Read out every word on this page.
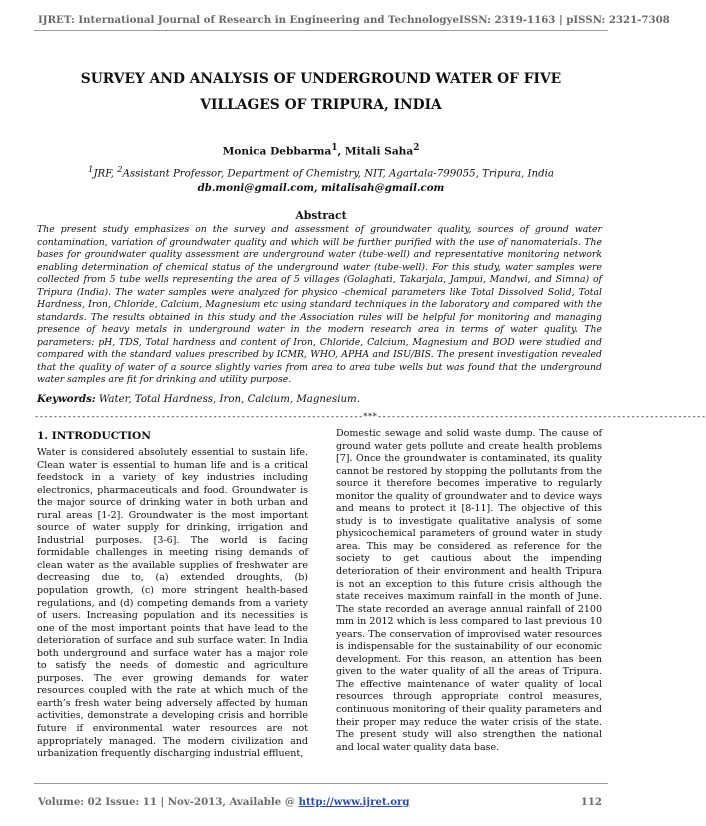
IJRET: International Journal of Research in Engineering and Technology eISSN: 2319-1163 | pISSN: 2321-7308
SURVEY AND ANALYSIS OF UNDERGROUND WATER OF FIVE
VILLAGES OF TRIPURA, INDIA
Monica Debbarma$^1$, Mitali Saha$^2$
$^1$JRF, $^2$Assistant Professor, Department of Chemistry, NIT, Agartala-799055, Tripura, India
db.moni@gmail.com, mitalisah@gmail.com
Abstract

The present study emphasizes on the survey and assessment of groundwater quality, sources of ground water contamination, variation of groundwater quality and which will be further purified with the use of nanomaterials. The bases for groundwater quality assessment are underground water (tube-well) and representative monitoring network enabling determination of chemical status of the underground water (tube-well). For this study, water samples were collected from 5 tube wells representing the area of 5 villages (Golaghati, Takarjala, Jampui, Mandwi, and Simna) of Tripura (India). The water samples were analyzed for physico -chemical parameters like Total Dissolved Solid, Total Hardness, Iron, Chloride, Calcium, Magnesium etc using standard techniques in the laboratory and compared with the standards. The results obtained in this study and the Association rules will be helpful for monitoring and managing presence of heavy metals in underground water in the modern research area in terms of water quality. The parameters: pH, TDS, Total hardness and content of Iron, Chloride, Calcium, Magnesium and BOD were studied and compared with the standard values prescribed by ICMR, WHO, APHA and ISU/BIS. The present investigation revealed that the quality of water of a source slightly varies from area to area tube wells but was found that the underground water samples are fit for drinking and utility purpose.

Keywords: Water, Total Hardness, Iron, Calcium, Magnesium.
----------------------------------------------------------------------***----------------------------------------------------------------------
1. INTRODUCTION

Water is considered absolutely essential to sustain life. Clean water is essential to human life and is a critical feedstock in a variety of key industries including electronics, pharmaceuticals and food. Groundwater is the major source of drinking water in both urban and rural areas [1-2]. Groundwater is the most important source of water supply for drinking, irrigation and Industrial purposes. [3-6]. The world is facing formidable challenges in meeting rising demands of clean water as the available supplies of freshwater are decreasing due to, (a) extended droughts, (b) population growth, (c) more stringent health-based regulations, and (d) competing demands from a variety of users. Increasing population and its necessities is one of the most important points that have lead to the deterioration of surface and sub surface water. In India both underground and surface water has a major role to satisfy the needs of domestic and agriculture purposes. The ever growing demands for water resources coupled with the rate at which much of the earth’s fresh water being adversely affected by human activities, demonstrate a developing crisis and horrible future if environmental water resources are not appropriately managed. The modern civilization and urbanization frequently discharging industrial effluent,

Domestic sewage and solid waste dump. The cause of ground water gets pollute and create health problems [7]. Once the groundwater is contaminated, its quality cannot be restored by stopping the pollutants from the source it therefore becomes imperative to regularly monitor the quality of groundwater and to device ways and means to protect it [8-11]. The objective of this study is to investigate qualitative analysis of some physicochemical parameters of ground water in study area. This may be considered as reference for the society to get cautious about the impending deterioration of their environment and health Tripura is not an exception to this future crisis although the state receives maximum rainfall in the month of June. The state recorded an average annual rainfall of 2100 mm in 2012 which is less compared to last previous 10 years. The conservation of improvised water resources is indispensable for the sustainability of our economic development. For this reason, an attention has been given to the water quality of all the areas of Tripura. The effective maintenance of water quality of local resources through appropriate control measures, continuous monitoring of their quality parameters and their proper may reduce the water crisis of the state. The present study will also strengthen the national and local water quality data base.

Volume: 02 Issue: 11 | Nov-2013, Available @ http://www.ijret.org	112
